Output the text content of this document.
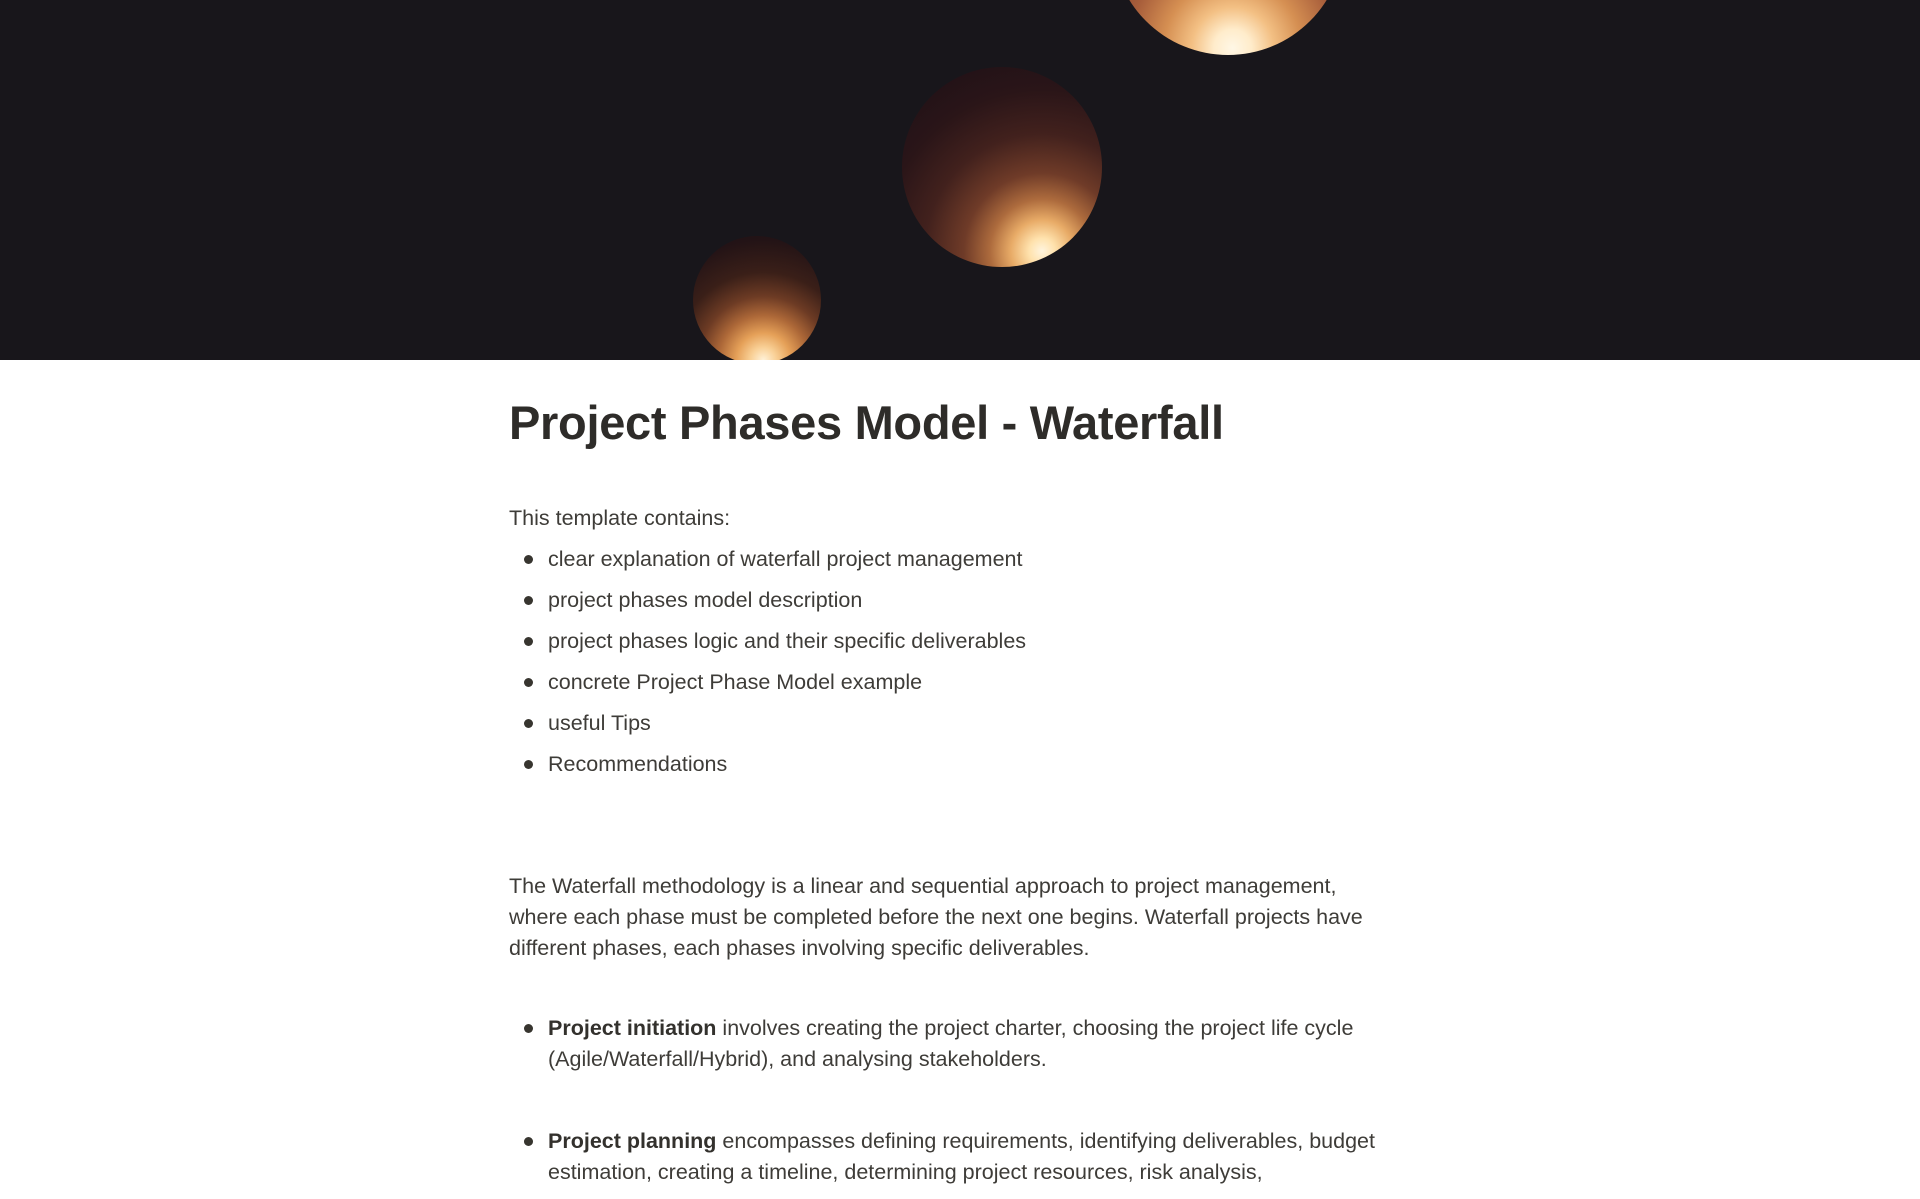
Project Phases Model - Waterfall

This template contains:

clear explanation of waterfall project management
project phases model description
project phases logic and their specific deliverables
concrete Project Phase Model example
useful Tips
Recommendations

The Waterfall methodology is a linear and sequential approach to project management, where each phase must be completed before the next one begins. Waterfall projects have different phases, each phases involving specific deliverables.

Project initiation involves creating the project charter, choosing the project life cycle (Agile/Waterfall/Hybrid), and analysing stakeholders.
Project planning encompasses defining requirements, identifying deliverables, budget estimation, creating a timeline, determining project resources, risk analysis,
